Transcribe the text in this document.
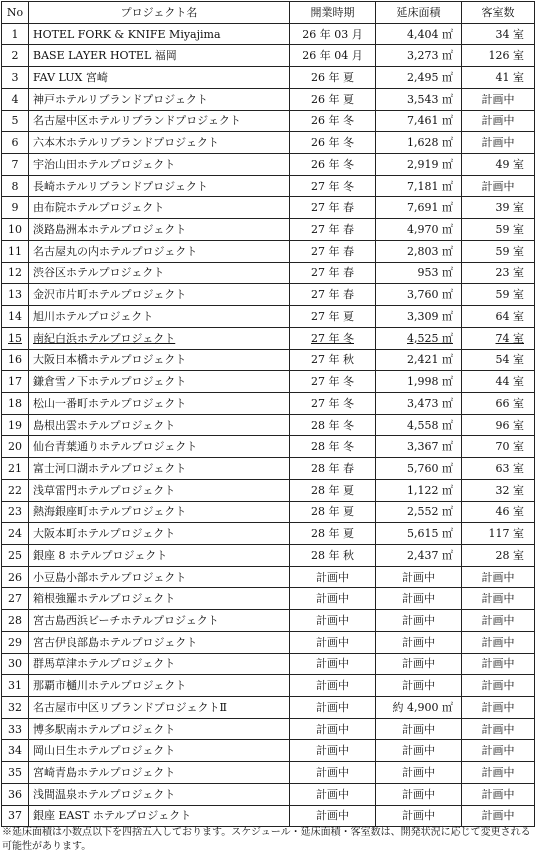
No	プロジェクト名	開業時期	延床面積	客室数
1	HOTEL FORK & KNIFE Miyajima	26 年 03 月	4,404 ㎡	34 室
2	BASE LAYER HOTEL 福岡	26 年 04 月	3,273 ㎡	126 室
3	FAV LUX 宮崎	26 年 夏	2,495 ㎡	41 室
4	神戸ホテルリブランドプロジェクト	26 年 夏	3,543 ㎡	計画中
5	名古屋中区ホテルリブランドプロジェクト	26 年 冬	7,461 ㎡	計画中
6	六本木ホテルリブランドプロジェクト	26 年 冬	1,628 ㎡	計画中
7	宇治山田ホテルプロジェクト	26 年 冬	2,919 ㎡	49 室
8	長崎ホテルリブランドプロジェクト	27 年 冬	7,181 ㎡	計画中
9	由布院ホテルプロジェクト	27 年 春	7,691 ㎡	39 室
10	淡路島洲本ホテルプロジェクト	27 年 春	4,970 ㎡	59 室
11	名古屋丸の内ホテルプロジェクト	27 年 春	2,803 ㎡	59 室
12	渋谷区ホテルプロジェクト	27 年 春	953 ㎡	23 室
13	金沢市片町ホテルプロジェクト	27 年 春	3,760 ㎡	59 室
14	旭川ホテルプロジェクト	27 年 夏	3,309 ㎡	64 室
15	南紀白浜ホテルプロジェクト	27 年 冬	4,525 ㎡	74 室
16	大阪日本橋ホテルプロジェクト	27 年 秋	2,421 ㎡	54 室
17	鎌倉雪ノ下ホテルプロジェクト	27 年 冬	1,998 ㎡	44 室
18	松山一番町ホテルプロジェクト	27 年 冬	3,473 ㎡	66 室
19	島根出雲ホテルプロジェクト	28 年 冬	4,558 ㎡	96 室
20	仙台青葉通りホテルプロジェクト	28 年 冬	3,367 ㎡	70 室
21	富士河口湖ホテルプロジェクト	28 年 春	5,760 ㎡	63 室
22	浅草雷門ホテルプロジェクト	28 年 夏	1,122 ㎡	32 室
23	熱海銀座町ホテルプロジェクト	28 年 夏	2,552 ㎡	46 室
24	大阪本町ホテルプロジェクト	28 年 夏	5,615 ㎡	117 室
25	銀座 8 ホテルプロジェクト	28 年 秋	2,437 ㎡	28 室
26	小豆島小部ホテルプロジェクト	計画中	計画中	計画中
27	箱根強羅ホテルプロジェクト	計画中	計画中	計画中
28	宮古島西浜ビーチホテルプロジェクト	計画中	計画中	計画中
29	宮古伊良部島ホテルプロジェクト	計画中	計画中	計画中
30	群馬草津ホテルプロジェクト	計画中	計画中	計画中
31	那覇市樋川ホテルプロジェクト	計画中	計画中	計画中
32	名古屋市中区リブランドプロジェクトⅡ	計画中	約 4,900 ㎡	計画中
33	博多駅南ホテルプロジェクト	計画中	計画中	計画中
34	岡山日生ホテルプロジェクト	計画中	計画中	計画中
35	宮崎青島ホテルプロジェクト	計画中	計画中	計画中
36	浅間温泉ホテルプロジェクト	計画中	計画中	計画中
37	銀座 EAST ホテルプロジェクト	計画中	計画中	計画中
※延床面積は小数点以下を四捨五入しております。スケジュール・延床面積・客室数は、開発状況に応じて変更される可能性があります。
